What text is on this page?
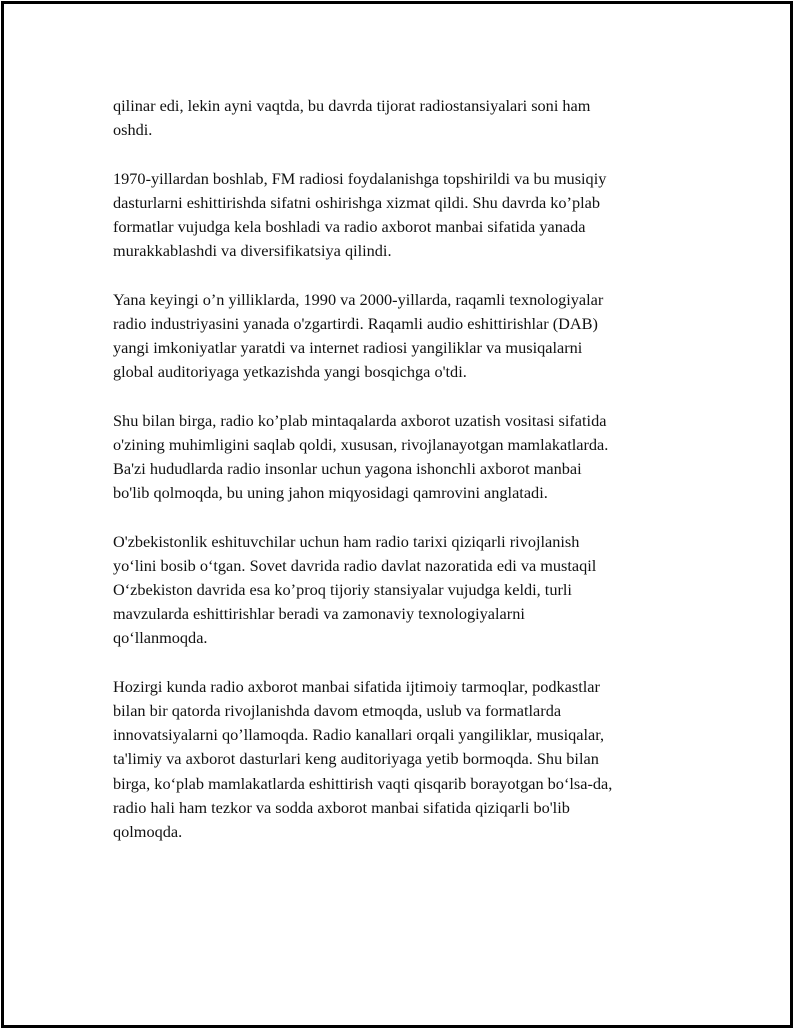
qilinar edi, lekin ayni vaqtda, bu davrda tijorat radiostansiyalari soni ham
oshdi.

1970-yillardan boshlab, FM radiosi foydalanishga topshirildi va bu musiqiy
dasturlarni eshittirishda sifatni oshirishga xizmat qildi. Shu davrda ko’plab
formatlar vujudga kela boshladi va radio axborot manbai sifatida yanada
murakkablashdi va diversifikatsiya qilindi.

Yana keyingi o’n yilliklarda, 1990 va 2000-yillarda, raqamli texnologiyalar
radio industriyasini yanada o'zgartirdi. Raqamli audio eshittirishlar (DAB)
yangi imkoniyatlar yaratdi va internet radiosi yangiliklar va musiqalarni
global auditoriyaga yetkazishda yangi bosqichga o'tdi.

Shu bilan birga, radio ko’plab mintaqalarda axborot uzatish vositasi sifatida
o'zining muhimligini saqlab qoldi, xususan, rivojlanayotgan mamlakatlarda.
Ba'zi hududlarda radio insonlar uchun yagona ishonchli axborot manbai
bo'lib qolmoqda, bu uning jahon miqyosidagi qamrovini anglatadi.

O'zbekistonlik eshituvchilar uchun ham radio tarixi qiziqarli rivojlanish
yo‘lini bosib o‘tgan. Sovet davrida radio davlat nazoratida edi va mustaqil
O‘zbekiston davrida esa ko’proq tijoriy stansiyalar vujudga keldi, turli
mavzularda eshittirishlar beradi va zamonaviy texnologiyalarni
qo‘llanmoqda.

Hozirgi kunda radio axborot manbai sifatida ijtimoiy tarmoqlar, podkastlar
bilan bir qatorda rivojlanishda davom etmoqda, uslub va formatlarda
innovatsiyalarni qo’llamoqda. Radio kanallari orqali yangiliklar, musiqalar,
ta'limiy va axborot dasturlari keng auditoriyaga yetib bormoqda. Shu bilan
birga, ko‘plab mamlakatlarda eshittirish vaqti qisqarib borayotgan bo‘lsa-da,
radio hali ham tezkor va sodda axborot manbai sifatida qiziqarli bo'lib
qolmoqda.
